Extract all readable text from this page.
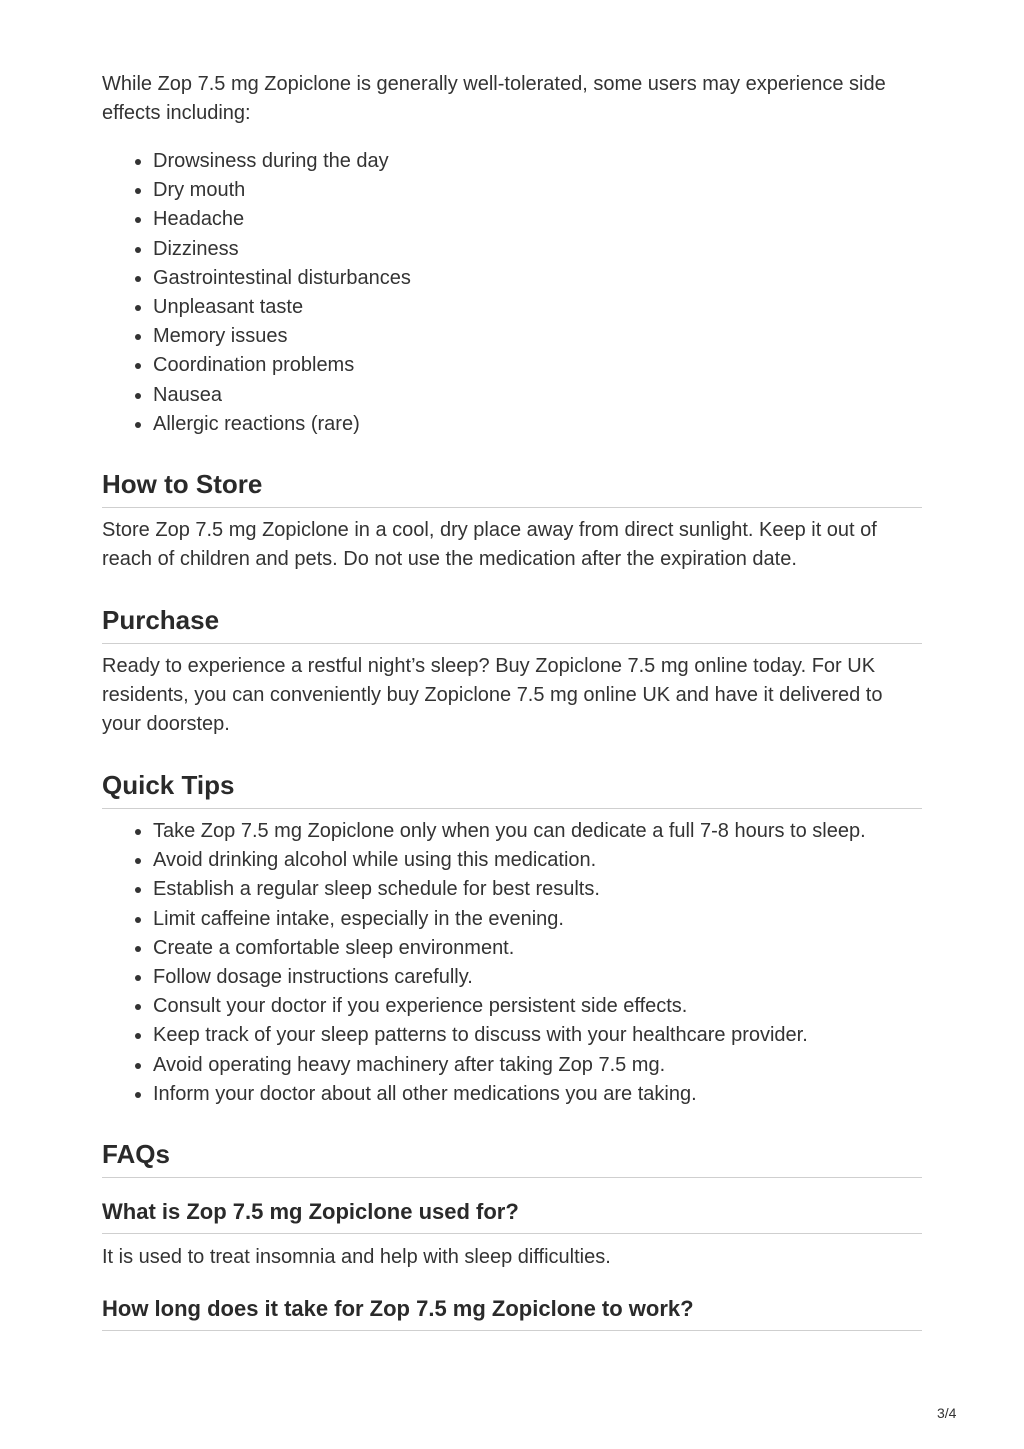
While Zop 7.5 mg Zopiclone is generally well-tolerated, some users may experience side effects including:

Drowsiness during the day
Dry mouth
Headache
Dizziness
Gastrointestinal disturbances
Unpleasant taste
Memory issues
Coordination problems
Nausea
Allergic reactions (rare)
How to Store

Store Zop 7.5 mg Zopiclone in a cool, dry place away from direct sunlight. Keep it out of reach of children and pets. Do not use the medication after the expiration date.

Purchase

Ready to experience a restful night’s sleep? Buy Zopiclone 7.5 mg online today. For UK residents, you can conveniently buy Zopiclone 7.5 mg online UK and have it delivered to your doorstep.

Quick Tips
Take Zop 7.5 mg Zopiclone only when you can dedicate a full 7-8 hours to sleep.
Avoid drinking alcohol while using this medication.
Establish a regular sleep schedule for best results.
Limit caffeine intake, especially in the evening.
Create a comfortable sleep environment.
Follow dosage instructions carefully.
Consult your doctor if you experience persistent side effects.
Keep track of your sleep patterns to discuss with your healthcare provider.
Avoid operating heavy machinery after taking Zop 7.5 mg.
Inform your doctor about all other medications you are taking.
FAQs
What is Zop 7.5 mg Zopiclone used for?

It is used to treat insomnia and help with sleep difficulties.

How long does it take for Zop 7.5 mg Zopiclone to work?
3/4
